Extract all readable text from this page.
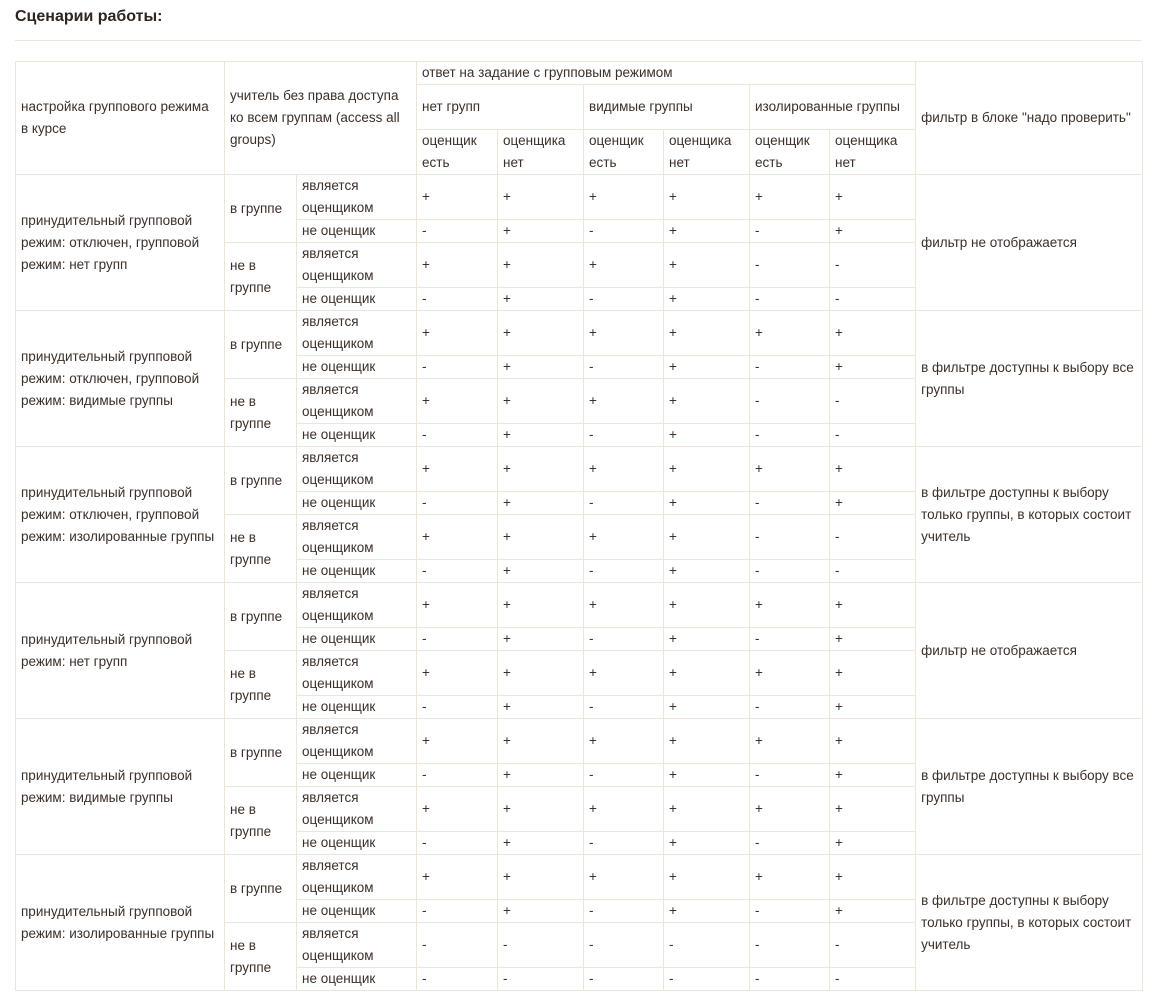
Сценарии работы:
настройка группового режима в курсе	учитель без права доступа ко всем группам (access all groups)		ответ на задание с групповым режимом						фильтр в блоке "надо проверить"
			нет групп		видимые группы		изолированные группы		
			оценщик есть	оценщика нет	оценщик есть	оценщика нет	оценщик есть	оценщика нет	
принудительный групповой режим: отключен, групповой режим: нет групп	в группе	является оценщиком	+	+	+	+	+	+	фильтр не отображается
		не оценщик	-	+	-	+	-	+	
	не в группе	является оценщиком	+	+	+	+	-	-	
		не оценщик	-	+	-	+	-	-	
принудительный групповой режим: отключен, групповой режим: видимые группы	в группе	является оценщиком	+	+	+	+	+	+	в фильтре доступны к выбору все группы
		не оценщик	-	+	-	+	-	+	
	не в группе	является оценщиком	+	+	+	+	-	-	
		не оценщик	-	+	-	+	-	-	
принудительный групповой режим: отключен, групповой режим: изолированные группы	в группе	является оценщиком	+	+	+	+	+	+	в фильтре доступны к выбору только группы, в которых состоит учитель
		не оценщик	-	+	-	+	-	+	
	не в группе	является оценщиком	+	+	+	+	-	-	
		не оценщик	-	+	-	+	-	-	
принудительный групповой режим: нет групп	в группе	является оценщиком	+	+	+	+	+	+	фильтр не отображается
		не оценщик	-	+	-	+	-	+	
	не в группе	является оценщиком	+	+	+	+	+	+	
		не оценщик	-	+	-	+	-	+	
принудительный групповой режим: видимые группы	в группе	является оценщиком	+	+	+	+	+	+	в фильтре доступны к выбору все группы
		не оценщик	-	+	-	+	-	+	
	не в группе	является оценщиком	+	+	+	+	+	+	
		не оценщик	-	+	-	+	-	+	
принудительный групповой режим: изолированные группы	в группе	является оценщиком	+	+	+	+	+	+	в фильтре доступны к выбору только группы, в которых состоит учитель
		не оценщик	-	+	-	+	-	+	
	не в группе	является оценщиком	-	-	-	-	-	-	
		не оценщик	-	-	-	-	-	-	
